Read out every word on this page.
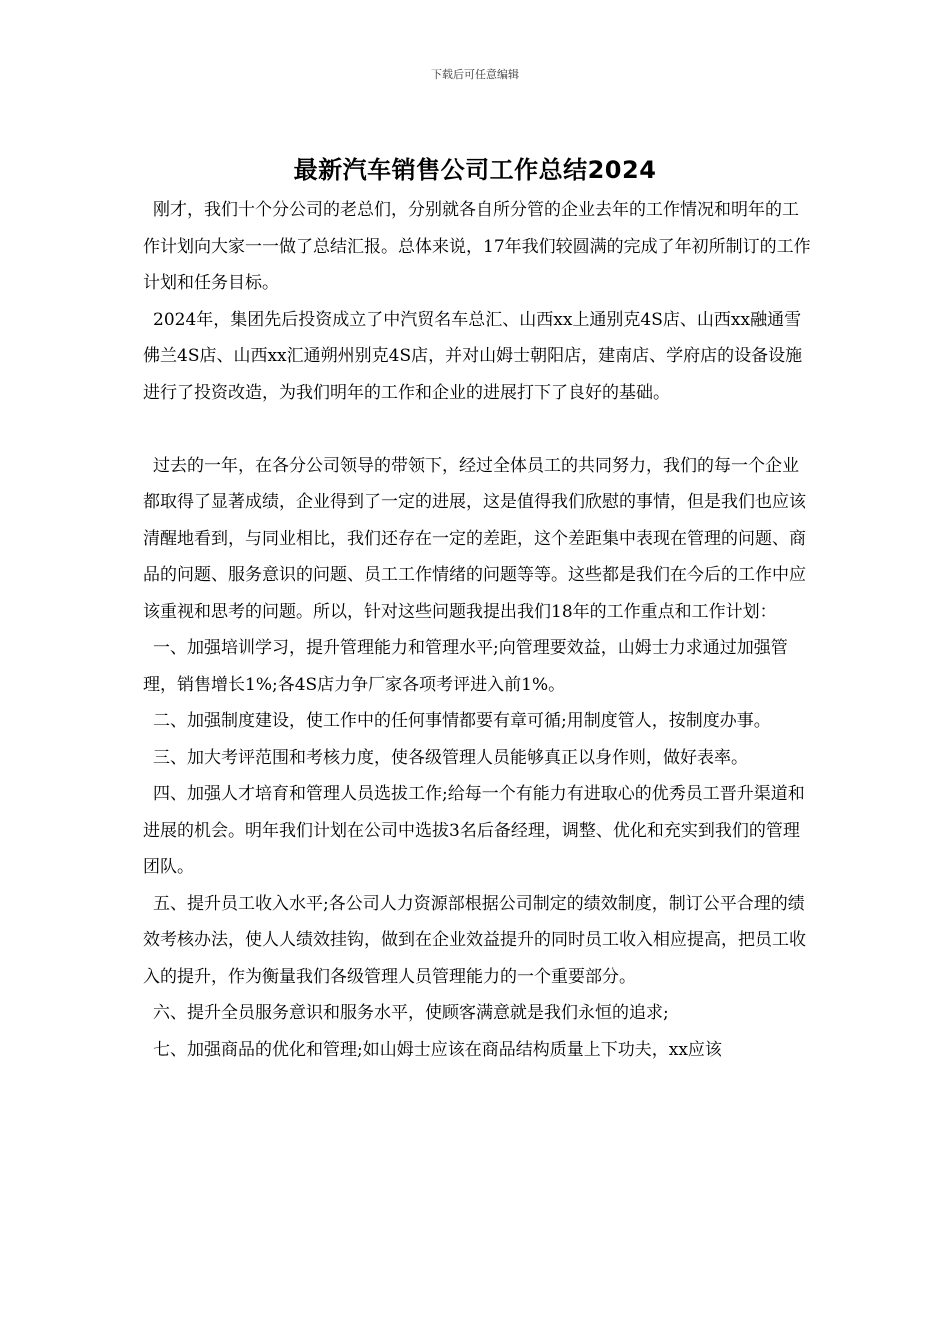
下载后可任意编辑
最新汽车销售公司工作总结2024

刚才，我们十个分公司的老总们，分别就各自所分管的企业去年的工作情况和明年的工作计划向大家一一做了总结汇报。总体来说，17年我们较圆满的完成了年初所制订的工作计划和任务目标。

2024年，集团先后投资成立了中汽贸名车总汇、山西xx上通别克4S店、山西xx融通雪佛兰4S店、山西xx汇通朔州别克4S店，并对山姆士朝阳店，建南店、学府店的设备设施进行了投资改造，为我们明年的工作和企业的进展打下了良好的基础。

过去的一年，在各分公司领导的带领下，经过全体员工的共同努力，我们的每一个企业都取得了显著成绩，企业得到了一定的进展，这是值得我们欣慰的事情，但是我们也应该清醒地看到，与同业相比，我们还存在一定的差距，这个差距集中表现在管理的问题、商品的问题、服务意识的问题、员工工作情绪的问题等等。这些都是我们在今后的工作中应该重视和思考的问题。所以，针对这些问题我提出我们18年的工作重点和工作计划：

一、加强培训学习，提升管理能力和管理水平;向管理要效益，山姆士力求通过加强管理，销售增长1%;各4S店力争厂家各项考评进入前1%。

二、加强制度建设，使工作中的任何事情都要有章可循;用制度管人，按制度办事。

三、加大考评范围和考核力度，使各级管理人员能够真正以身作则，做好表率。

四、加强人才培育和管理人员选拔工作;给每一个有能力有进取心的优秀员工晋升渠道和进展的机会。明年我们计划在公司中选拔3名后备经理，调整、优化和充实到我们的管理团队。

五、提升员工收入水平;各公司人力资源部根据公司制定的绩效制度，制订公平合理的绩效考核办法，使人人绩效挂钩，做到在企业效益提升的同时员工收入相应提高，把员工收入的提升，作为衡量我们各级管理人员管理能力的一个重要部分。

六、提升全员服务意识和服务水平，使顾客满意就是我们永恒的追求;

七、加强商品的优化和管理;如山姆士应该在商品结构质量上下功夫，xx应该
